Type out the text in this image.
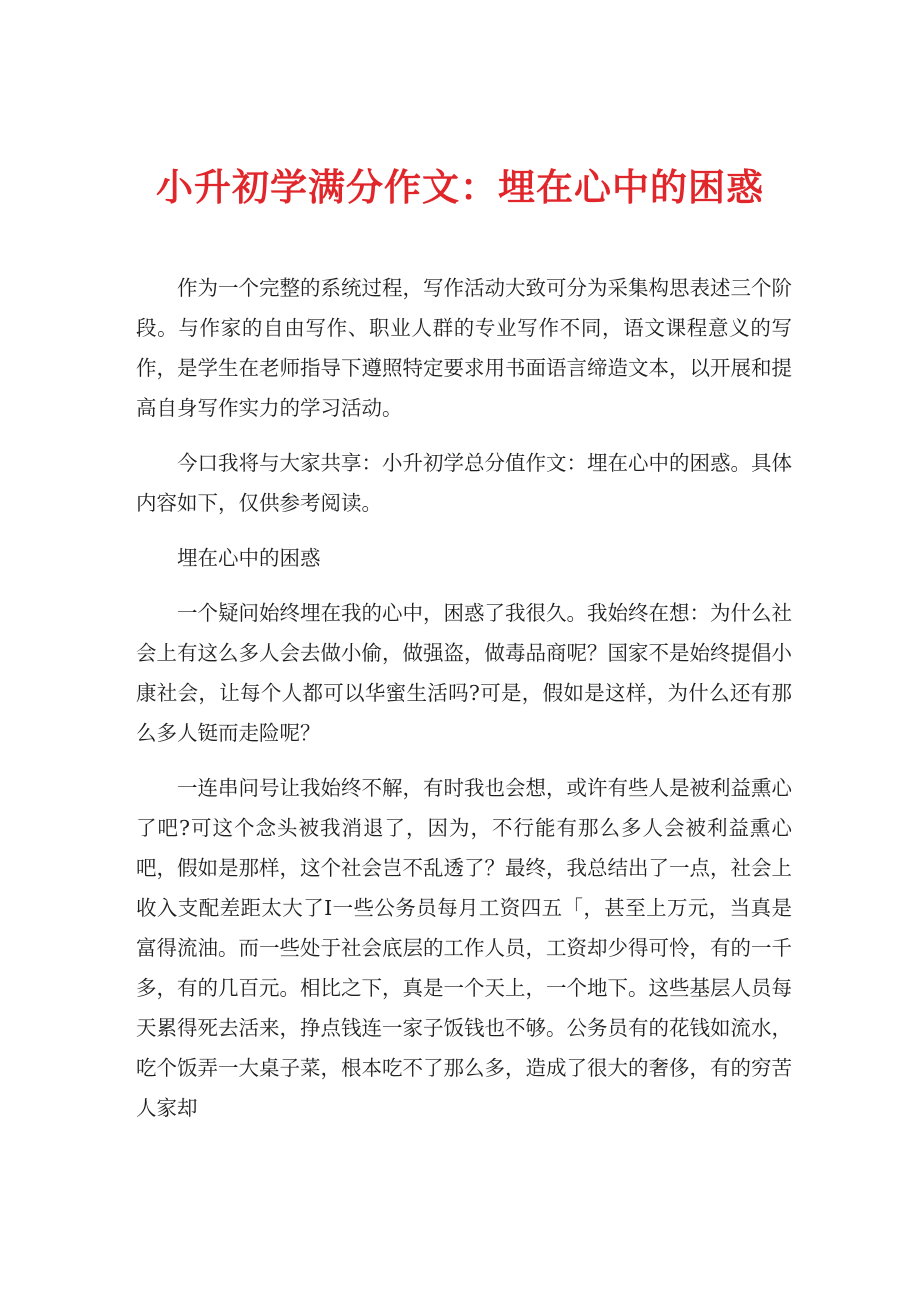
小升初学满分作文：埋在心中的困惑

作为一个完整的系统过程，写作活动大致可分为采集构思表述三个阶段。与作家的自由写作、职业人群的专业写作不同，语文课程意义的写作，是学生在老师指导下遵照特定要求用书面语言缔造文本，以开展和提高自身写作实力的学习活动。

今口我将与大家共享：小升初学总分值作文：埋在心中的困惑。具体内容如下，仅供参考阅读。

埋在心中的困惑

一个疑问始终埋在我的心中，困惑了我很久。我始终在想：为什么社会上有这么多人会去做小偷，做强盗，做毒品商呢？国家不是始终提倡小康社会，让每个人都可以华蜜生活吗?可是，假如是这样，为什么还有那么多人铤而走险呢？

一连串问号让我始终不解，有时我也会想，或许有些人是被利益熏心了吧?可这个念头被我消退了，因为，不行能有那么多人会被利益熏心吧，假如是那样，这个社会岂不乱透了？最终，我总结出了一点，社会上收入支配差距太大了I一些公务员每月工资四五「，甚至上万元，当真是富得流油。而一些处于社会底层的工作人员，工资却少得可怜，有的一千多，有的几百元。相比之下，真是一个天上，一个地下。这些基层人员每天累得死去活来，挣点钱连一家子饭钱也不够。公务员有的花钱如流水，吃个饭弄一大桌子菜，根本吃不了那么多，造成了很大的奢侈，有的穷苦人家却
